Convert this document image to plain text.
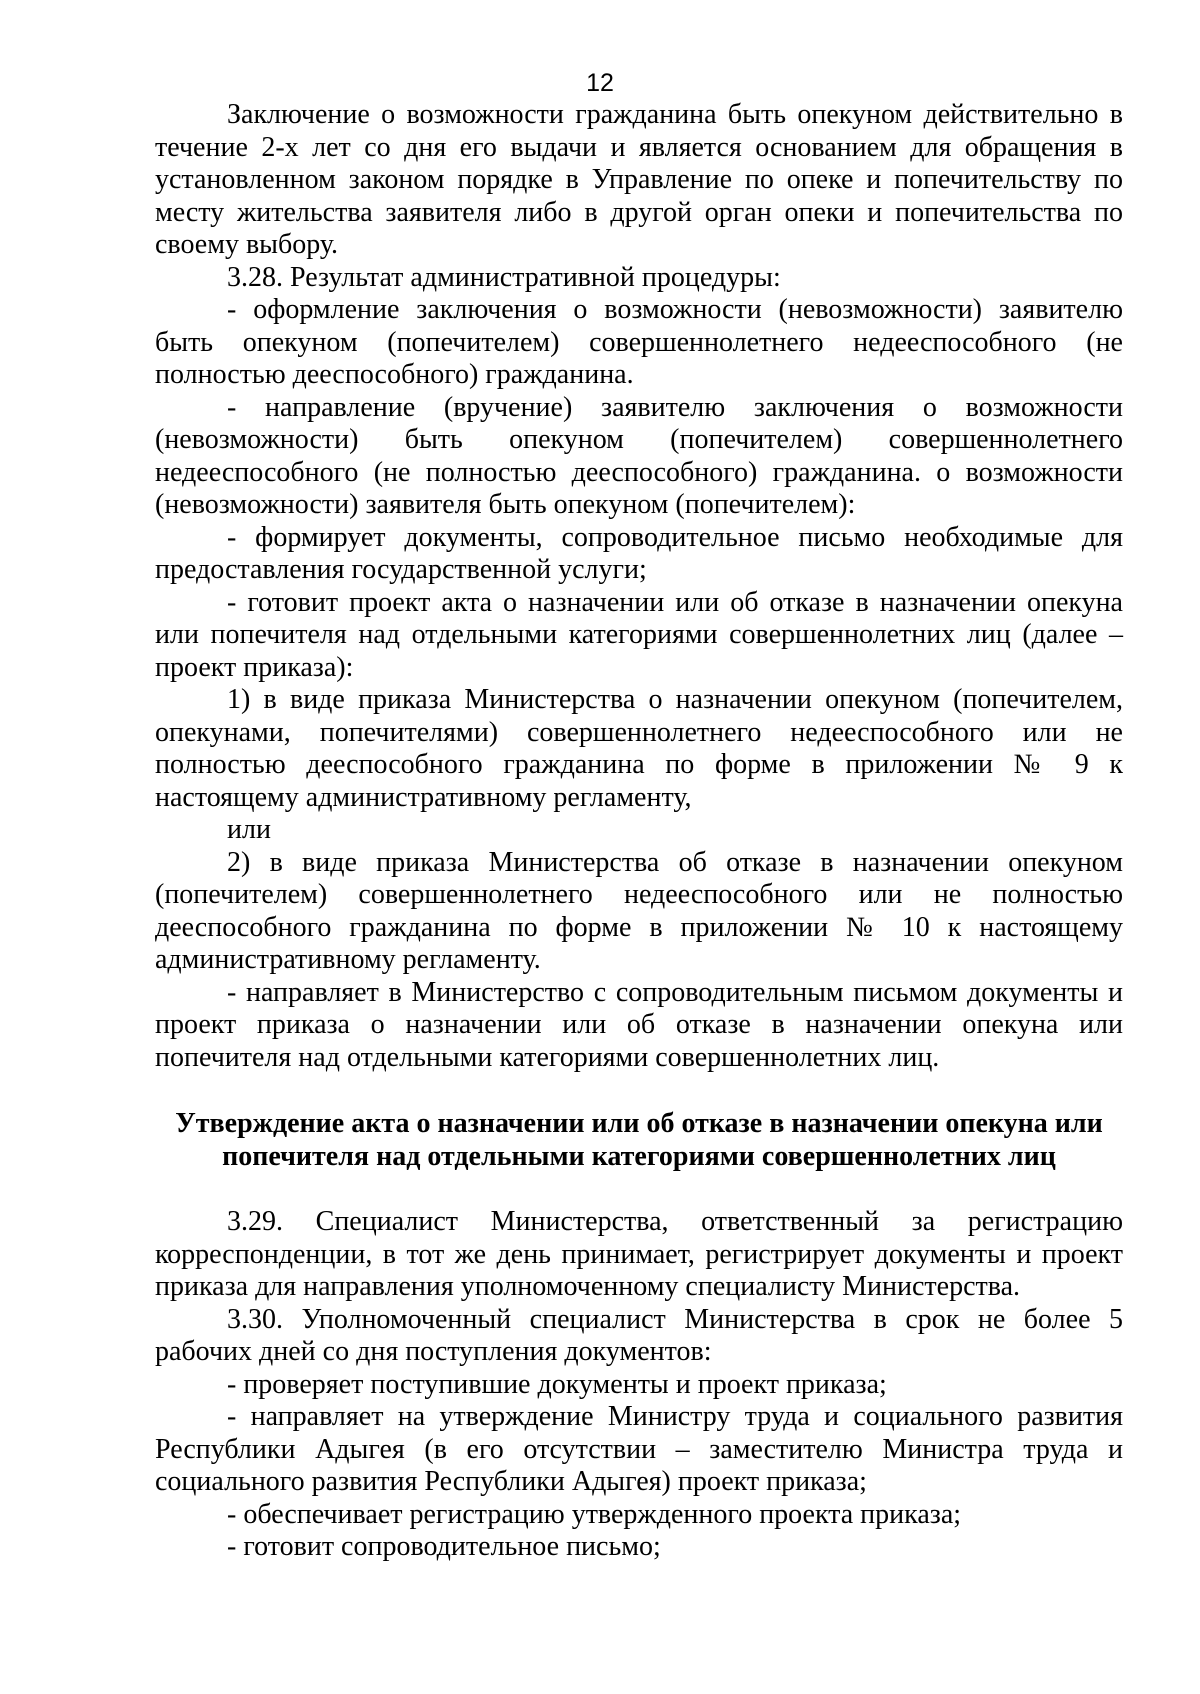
12

Заключение о возможности гражданина быть опекуном действительно в течение 2-х лет со дня его выдачи и является основанием для обращения в установленном законом порядке в Управление по опеке и попечительству по месту жительства заявителя либо в другой орган опеки и попечительства по своему выбору.

3.28. Результат административной процедуры:

- оформление заключения о возможности (невозможности) заявителю быть опекуном (попечителем) совершеннолетнего недееспособного (не полностью дееспособного) гражданина.

- направление (вручение) заявителю заключения о возможности (невозможности) быть опекуном (попечителем) совершеннолетнего недееспособного (не полностью дееспособного) гражданина. о возможности (невозможности) заявителя быть опекуном (попечителем):

- формирует документы, сопроводительное письмо необходимые для предоставления государственной услуги;

- готовит проект акта о назначении или об отказе в назначении опекуна или попечителя над отдельными категориями совершеннолетних лиц (далее – проект приказа):

1) в виде приказа Министерства о назначении опекуном (попечителем, опекунами, попечителями) совершеннолетнего недееспособного или не полностью дееспособного гражданина по форме в приложении № 9 к настоящему административному регламенту,

или

2) в виде приказа Министерства об отказе в назначении опекуном (попечителем) совершеннолетнего недееспособного или не полностью дееспособного гражданина по форме в приложении № 10 к настоящему административному регламенту.

- направляет в Министерство с сопроводительным письмом документы и проект приказа о назначении или об отказе в назначении опекуна или попечителя над отдельными категориями совершеннолетних лиц.

Утверждение акта о назначении или об отказе в назначении опекуна или
попечителя над отдельными категориями совершеннолетних лиц

3.29. Специалист Министерства, ответственный за регистрацию корреспонденции, в тот же день принимает, регистрирует документы и проект приказа для направления уполномоченному специалисту Министерства.

3.30. Уполномоченный специалист Министерства в срок не более 5 рабочих дней со дня поступления документов:

- проверяет поступившие документы и проект приказа;

- направляет на утверждение Министру труда и социального развития Республики Адыгея (в его отсутствии – заместителю Министра труда и социального развития Республики Адыгея) проект приказа;

- обеспечивает регистрацию утвержденного проекта приказа;

- готовит сопроводительное письмо;
